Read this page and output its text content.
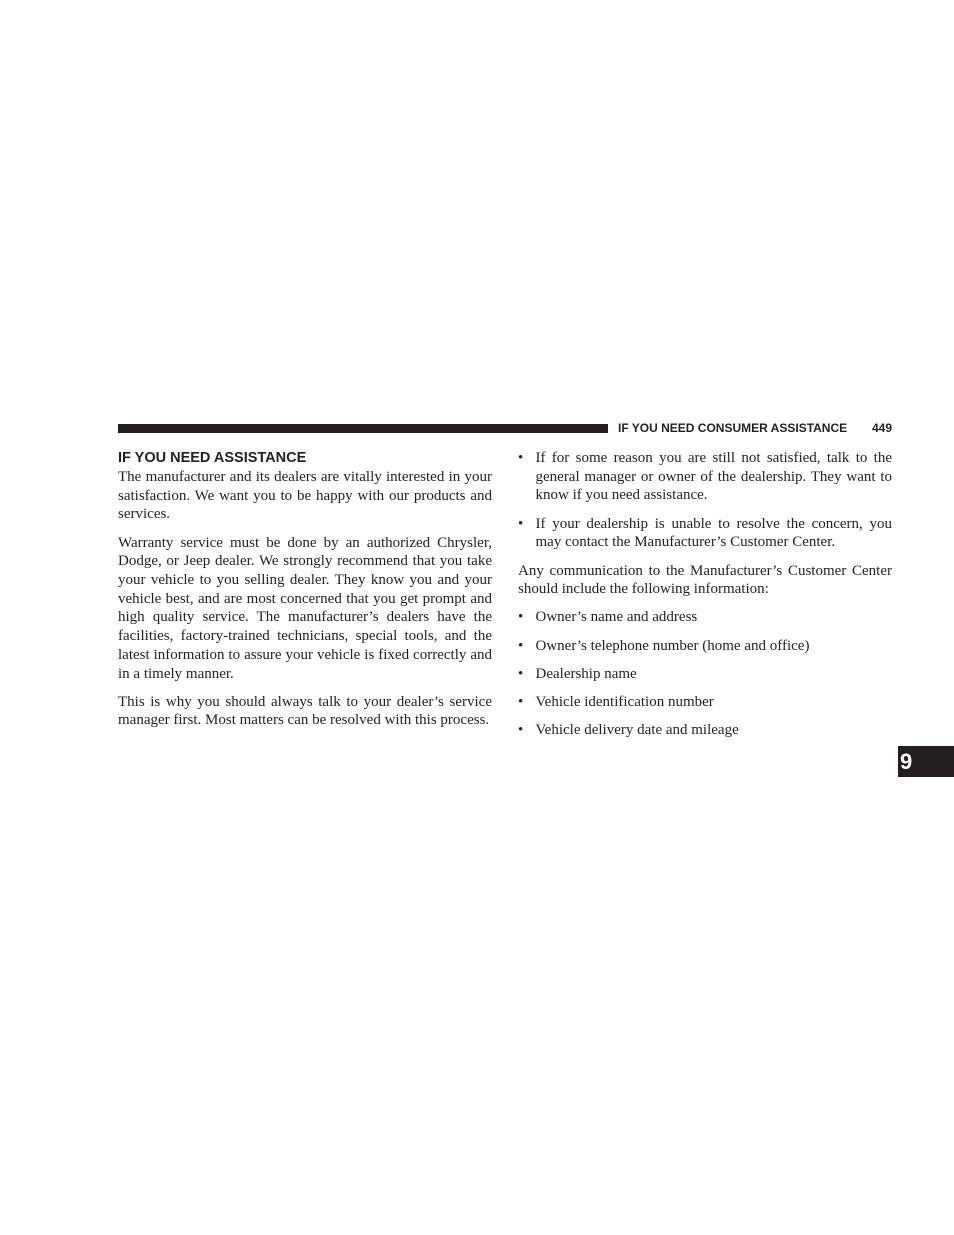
IF YOU NEED CONSUMER ASSISTANCE 449
IF YOU NEED ASSISTANCE

The manufacturer and its dealers are vitally interested in your satisfaction. We want you to be happy with our products and services.

Warranty service must be done by an authorized Chrysler, Dodge, or Jeep dealer. We strongly recommend that you take your vehicle to you selling dealer. They know you and your vehicle best, and are most concerned that you get prompt and high quality service. The manufacturer’s dealers have the facilities, factory-trained technicians, special tools, and the latest information to assure your vehicle is fixed correctly and in a timely manner.

This is why you should always talk to your dealer’s service manager first. Most matters can be resolved with this process.

• If for some reason you are still not satisfied, talk to the general manager or owner of the dealership. They want to know if you need assistance.
• If your dealership is unable to resolve the concern, you may contact the Manufacturer’s Customer Center.

Any communication to the Manufacturer’s Customer Center should include the following information:

• Owner’s name and address
• Owner’s telephone number (home and office)
• Dealership name
• Vehicle identification number
• Vehicle delivery date and mileage
9
